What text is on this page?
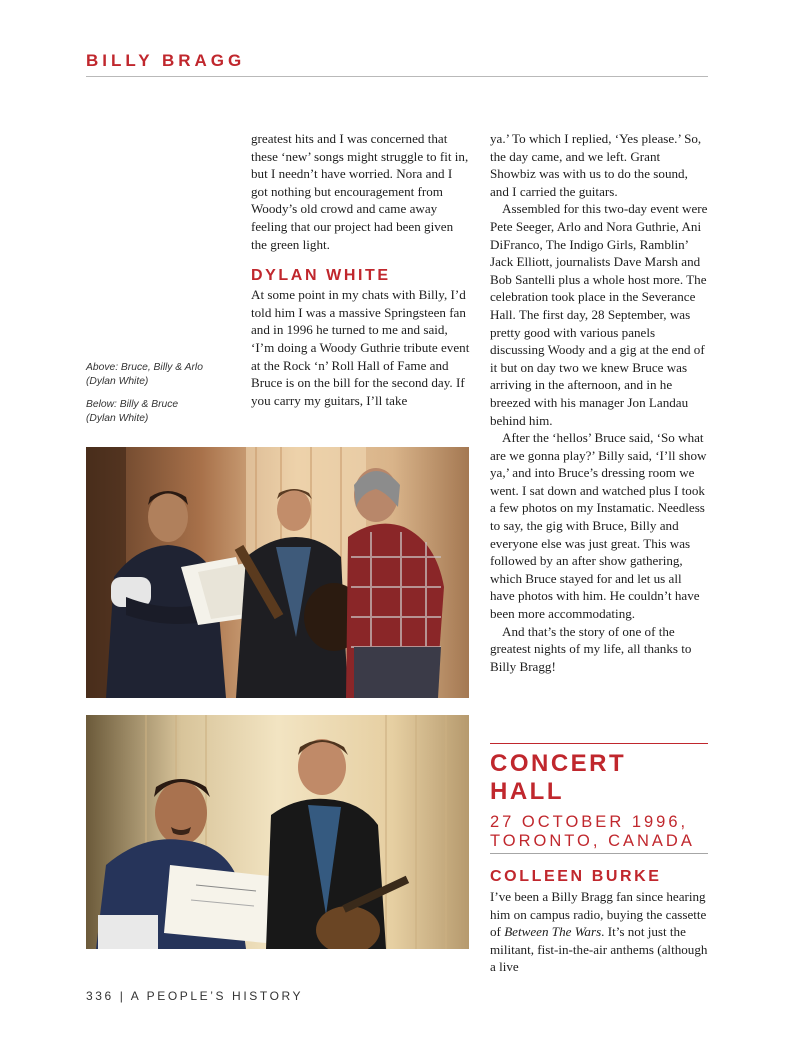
BILLY BRAGG

greatest hits and I was concerned that these ‘new’ songs might struggle to fit in, but I needn’t have worried. Nora and I got nothing but encouragement from Woody’s old crowd and came away feeling that our project had been given the green light.

DYLAN WHITE

At some point in my chats with Billy, I’d told him I was a massive Springsteen fan and in 1996 he turned to me and said, ‘I’m doing a Woody Guthrie tribute event at the Rock ‘n’ Roll Hall of Fame and Bruce is on the bill for the second day. If you carry my guitars, I’ll take

ya.’ To which I replied, ‘Yes please.’ So, the day came, and we left. Grant Showbiz was with us to do the sound, and I carried the guitars.

Assembled for this two-day event were Pete Seeger, Arlo and Nora Guthrie, Ani DiFranco, The Indigo Girls, Ramblin’ Jack Elliott, journalists Dave Marsh and Bob Santelli plus a whole host more. The celebration took place in the Severance Hall. The first day, 28 September, was pretty good with various panels discussing Woody and a gig at the end of it but on day two we knew Bruce was arriving in the afternoon, and in he breezed with his manager Jon Landau behind him.

After the ‘hellos’ Bruce said, ‘So what are we gonna play?’ Billy said, ‘I’ll show ya,’ and into Bruce’s dressing room we went. I sat down and watched plus I took a few photos on my Instamatic. Needless to say, the gig with Bruce, Billy and everyone else was just great. This was followed by an after show gathering, which Bruce stayed for and let us all have photos with him. He couldn’t have been more accommodating.

And that’s the story of one of the greatest nights of my life, all thanks to Billy Bragg!

Above: Bruce, Billy & Arlo
(Dylan White)

Below: Billy & Bruce
(Dylan White)

CONCERT HALL

27 OCTOBER 1996,

TORONTO, CANADA

COLLEEN BURKE

I’ve been a Billy Bragg fan since hearing him on campus radio, buying the cassette of Between The Wars. It’s not just the militant, fist-in-the-air anthems (although a live

336 | A PEOPLE’S HISTORY
